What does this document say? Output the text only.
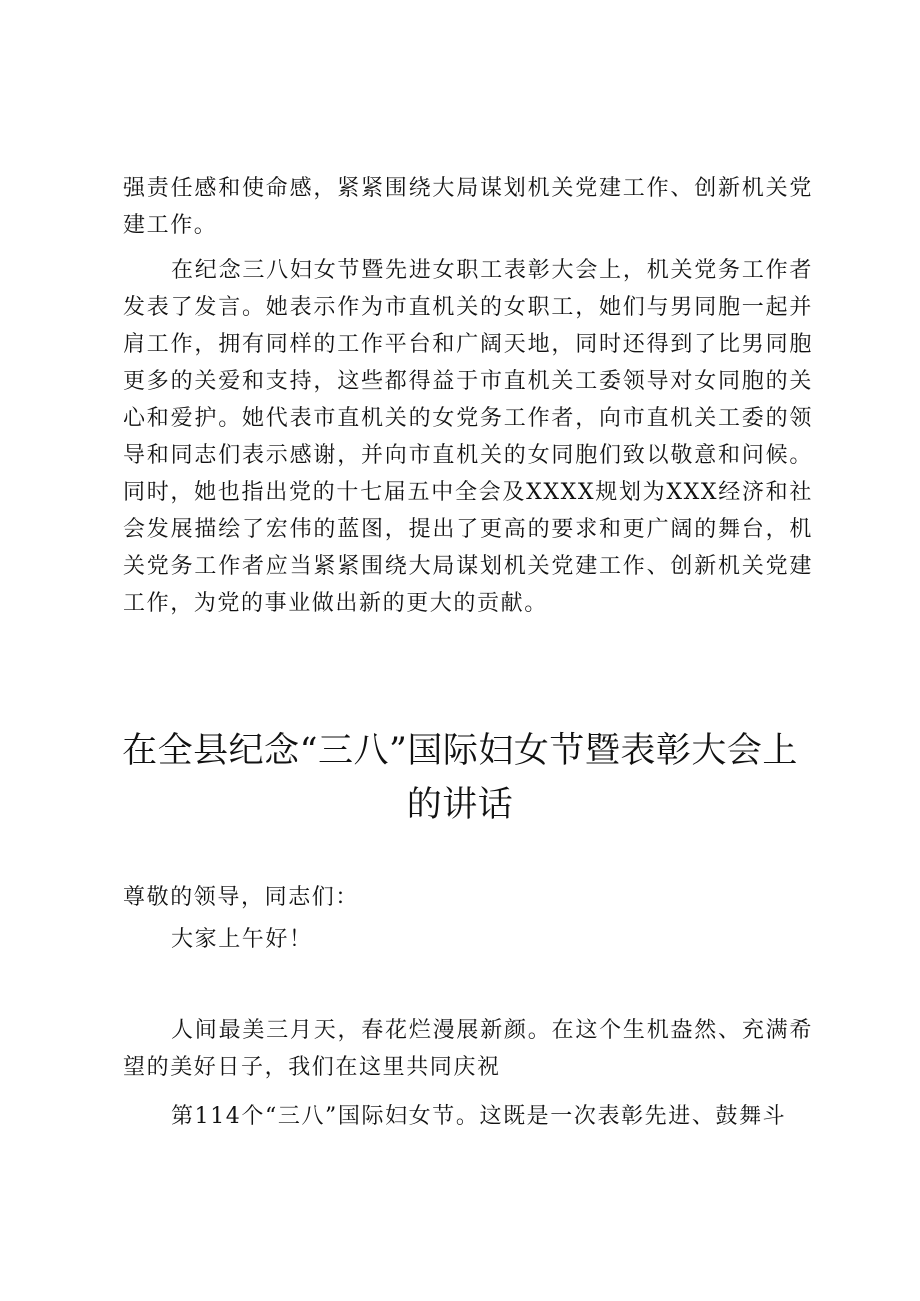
强责任感和使命感，紧紧围绕大局谋划机关党建工作、创新机关党建工作。
在纪念三八妇女节暨先进女职工表彰大会上，机关党务工作者发表了发言。她表示作为市直机关的女职工，她们与男同胞一起并肩工作，拥有同样的工作平台和广阔天地，同时还得到了比男同胞更多的关爱和支持，这些都得益于市直机关工委领导对女同胞的关心和爱护。她代表市直机关的女党务工作者，向市直机关工委的领导和同志们表示感谢，并向市直机关的女同胞们致以敬意和问候。同时，她也指出党的十七届五中全会及XXXX规划为XXX经济和社会发展描绘了宏伟的蓝图，提出了更高的要求和更广阔的舞台，机关党务工作者应当紧紧围绕大局谋划机关党建工作、创新机关党建工作，为党的事业做出新的更大的贡献。
在全县纪念“三八”国际妇女节暨表彰大会上
的讲话
尊敬的领导，同志们：
大家上午好！
人间最美三月天，春花烂漫展新颜。在这个生机盎然、充满希望的美好日子，我们在这里共同庆祝
第114个“三八”国际妇女节。这既是一次表彰先进、鼓舞斗
